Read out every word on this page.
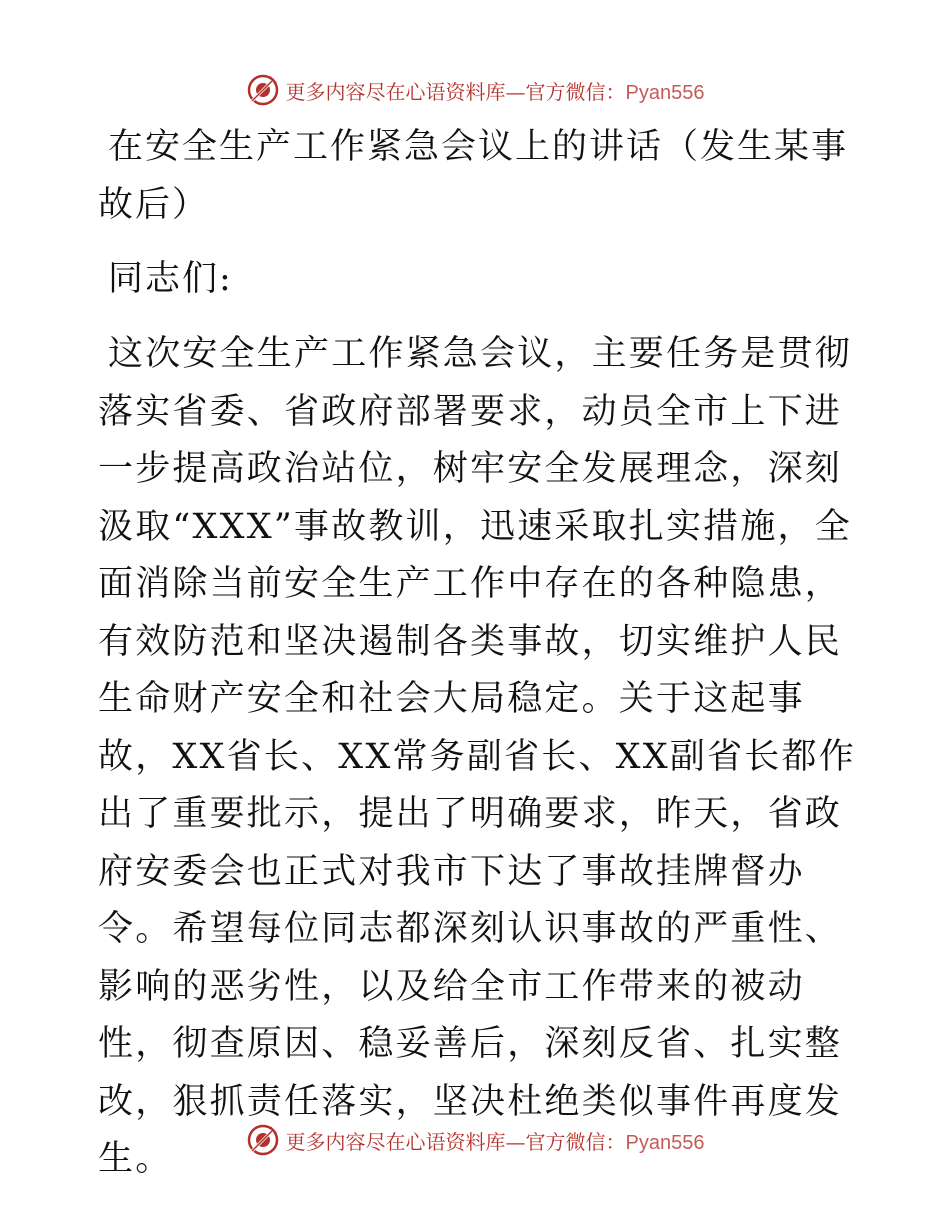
更多内容尽在心语资料库—官方微信：Pyan556
在安全生产工作紧急会议上的讲话（发生某事故后）

同志们:

这次安全生产工作紧急会议，主要任务是贯彻落实省委、省政府部署要求，动员全市上下进一步提高政治站位，树牢安全发展理念，深刻汲取“XXX”事故教训，迅速采取扎实措施，全面消除当前安全生产工作中存在的各种隐患，有效防范和坚决遏制各类事故，切实维护人民生命财产安全和社会大局稳定。关于这起事故，XX省长、XX常务副省长、XX副省长都作出了重要批示，提出了明确要求，昨天，省政府安委会也正式对我市下达了事故挂牌督办令。希望每位同志都深刻认识事故的严重性、影响的恶劣性，以及给全市工作带来的被动性，彻查原因、稳妥善后，深刻反省、扎实整改，狠抓责任落实，坚决杜绝类似事件再度发生。	更多内容尽在心语资料库—官方微信：Pyan556
